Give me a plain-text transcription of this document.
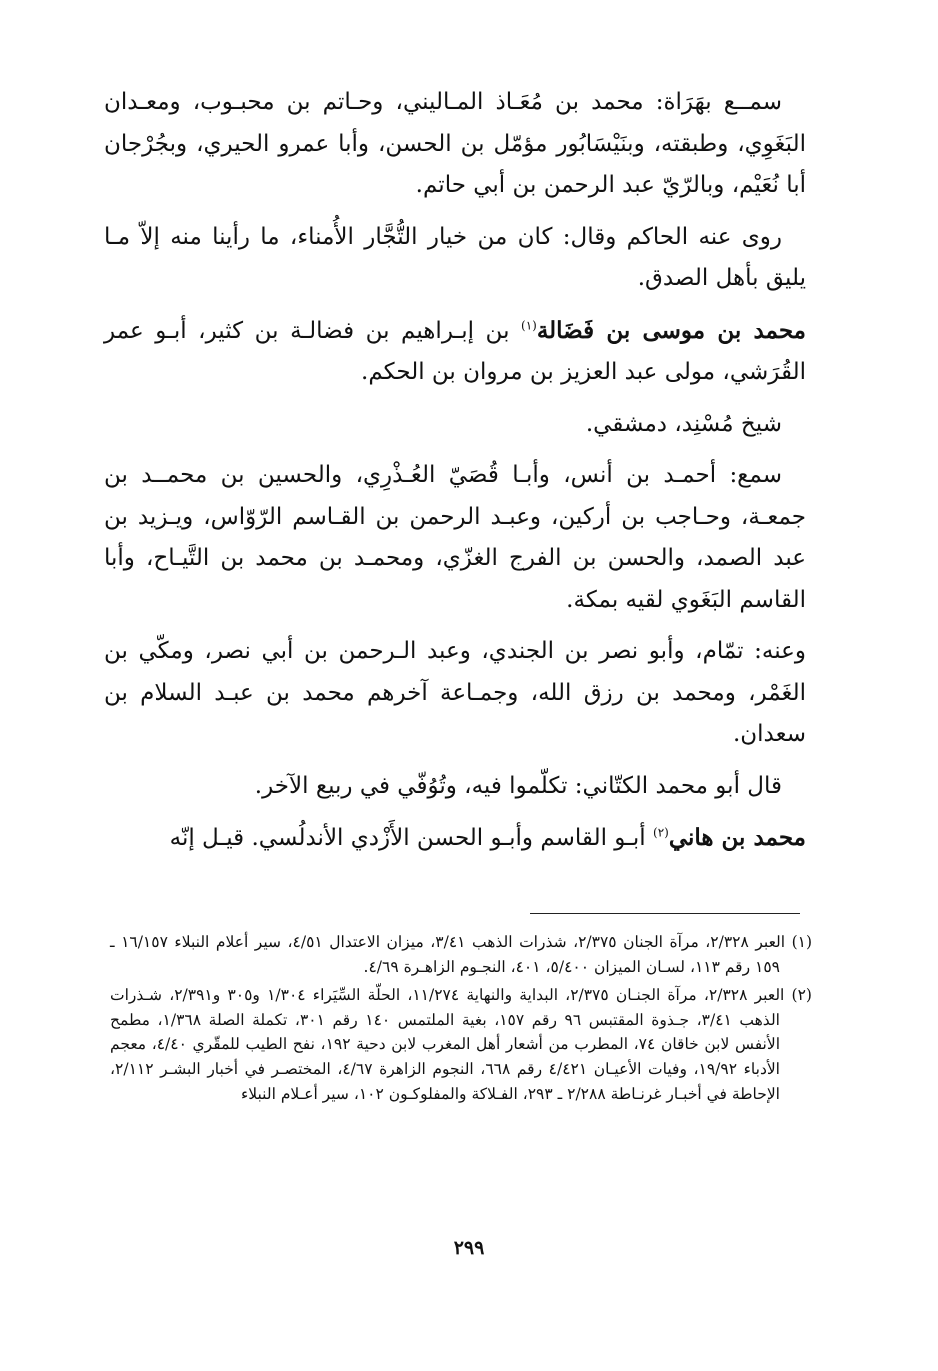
سمــع بهَرَاة: محمد بن مُعَـاذ المـاليني، وحـاتم بن محبـوب، ومعـدان البَغَوِي، وطبقته، وبنَيْسَابُور مؤمّل بن الحسن، وأبا عمرو الحيري، وبجُرْجان أبا نُعَيْم، وبالرّيّ عبد الرحمن بن أبي حاتم.

روى عنه الحاكم وقال: كان من خيار التُّجَّار الأُمناء، ما رأينا منه إلاّ مـا يليق بأهل الصدق.

محمد بن موسى بن فَضَالة$^{(١)}$ بن إبـراهيم بن فضالـة بن كثير، أبـو عمر القُرَشي، مولى عبد العزيز بن مروان بن الحكم.

شيخ مُسْنِد، دمشقي.

سمع: أحمـد بن أنس، وأبـا قُصَيّ العُـذْرِي، والحسين بن محمــد بن جمعـة، وحـاجب بن أركين، وعبـد الرحمن بن القـاسم الرّوّاس، ويـزيد بن عبد الصمد، والحسن بن الفرج الغزّي، ومحمـد بن محمد بن التَّيـاح، وأبا القاسم البَغَوي لقيه بمكة.

وعنه: تمّام، وأبو نصر بن الجندي، وعبد الـرحمن بن أبي نصر، ومكّي بن الغَمْر، ومحمد بن رزق الله، وجمـاعة آخرهم محمد بن عبـد السلام بن سعدان.

قال أبو محمد الكتّاني: تكلّموا فيه، وتُوُفّي في ربيع الآخر.

محمد بن هاني$^{(٢)}$ أبـو القاسم وأبـو الحسن الأَزْدي الأندلُسي. قيـل إنّه

(١) العبر ٢/٣٢٨، مرآة الجنان ٢/٣٧٥، شذرات الذهب ٣/٤١، ميزان الاعتدال ٤/٥١، سير أعلام النبلاء ١٦/١٥٧ ـ ١٥٩ رقم ١١٣، لسـان الميزان ٥/٤٠٠، ٤٠١، النجـوم الزاهـرة ٤/٦٩.

(٢) العبر ٢/٣٢٨، مرآة الجنـان ٢/٣٧٥، البداية والنهاية ١١/٢٧٤، الحلّة السِّيَراء ١/٣٠٤ و٣٠٥ و٢/٣٩١، شـذرات الذهب ٣/٤١، جـذوة المقتبس ٩٦ رقم ١٥٧، بغية الملتمس ١٤٠ رقم ٣٠١، تكملة الصلة ١/٣٦٨، مطمح الأنفس لابن خاقان ٧٤، المطرب من أشعار أهل المغرب لابن دحية ١٩٢، نفح الطيب للمقّري ٤/٤٠، معجم الأدباء ١٩/٩٢، وفيات الأعيـان ٤/٤٢١ رقم ٦٦٨، النجوم الزاهرة ٤/٦٧، المختصـر في أخبار البشـر ٢/١١٢، الإحاطة في أخبـار غرنـاطة ٢/٢٨٨ ـ ٢٩٣، الفـلاكة والمفلوكـون ١٠٢، سير أعـلام النبلاء

٢٩٩
